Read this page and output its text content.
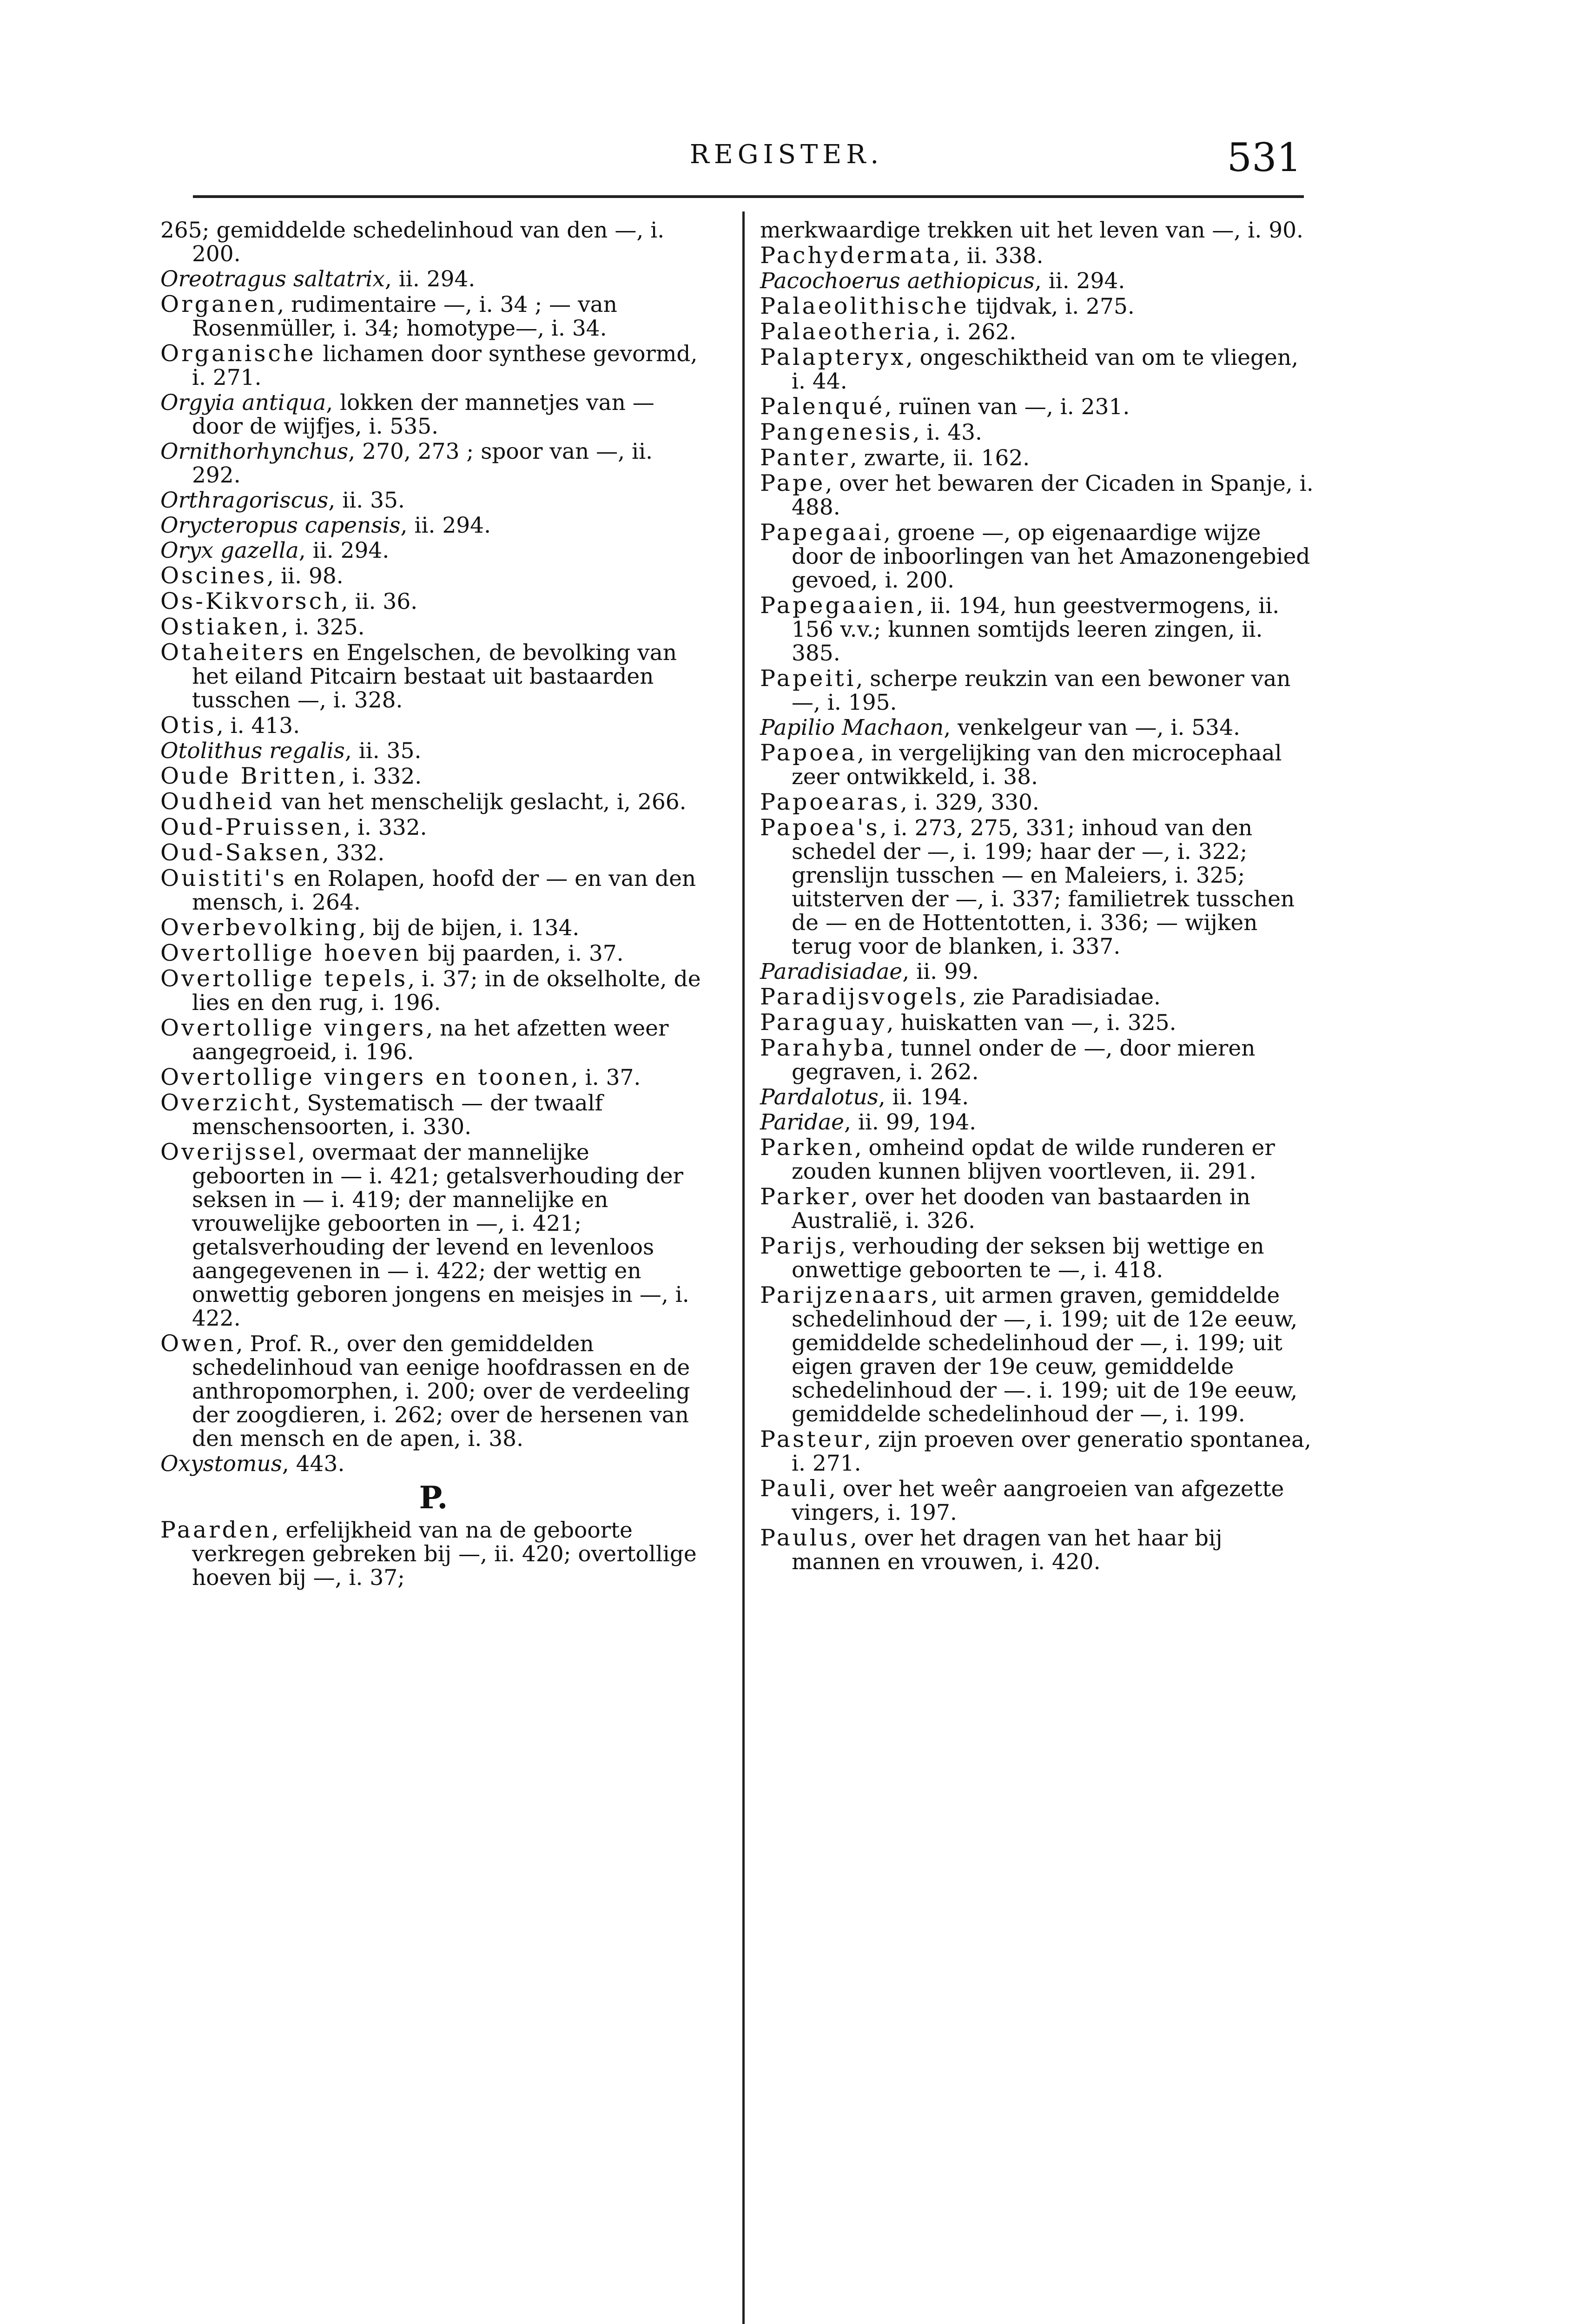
REGISTER.	531
265; gemiddelde schedelinhoud van den —, i. 200.
Oreotragus saltatrix, ii. 294.
Organen, rudimentaire —, i. 34 ; — van Rosenmüller, i. 34; homotype—, i. 34.
Organische lichamen door synthese gevormd, i. 271.
Orgyia antiqua, lokken der mannetjes van — door de wijfjes, i. 535.
Ornithorhynchus, 270, 273 ; spoor van —, ii. 292.
Orthragoriscus, ii. 35.
Orycteropus capensis, ii. 294.
Oryx gazella, ii. 294.
Oscines, ii. 98.
Os-Kikvorsch, ii. 36.
Ostiaken, i. 325.
Otaheiters en Engelschen, de bevolking van het eiland Pitcairn bestaat uit bastaarden tusschen —, i. 328.
Otis, i. 413.
Otolithus regalis, ii. 35.
Oude Britten, i. 332.
Oudheid van het menschelijk geslacht, i, 266.
Oud-Pruissen, i. 332.
Oud-Saksen, 332.
Ouistiti's en Rolapen, hoofd der — en van den mensch, i. 264.
Overbevolking, bij de bijen, i. 134.
Overtollige hoeven bij paarden, i. 37.
Overtollige tepels, i. 37; in de okselholte, de lies en den rug, i. 196.
Overtollige vingers, na het afzetten weer aangegroeid, i. 196.
Overtollige vingers en toonen, i. 37.
Overzicht, Systematisch — der twaalf menschensoorten, i. 330.
Overijssel, overmaat der mannelijke geboorten in — i. 421; getalsverhouding der seksen in — i. 419; der mannelijke en vrouwelijke geboorten in —, i. 421; getalsverhouding der levend en levenloos aangegevenen in — i. 422; der wettig en onwettig geboren jongens en meisjes in —, i. 422.
Owen, Prof. R., over den gemiddelden schedelinhoud van eenige hoofdrassen en de anthropomorphen, i. 200; over de verdeeling der zoogdieren, i. 262; over de hersenen van den mensch en de apen, i. 38.
Oxystomus, 443.
P.
Paarden, erfelijkheid van na de geboorte verkregen gebreken bij —, ii. 420; overtollige hoeven bij —, i. 37;
merkwaardige trekken uit het leven van —, i. 90.
Pachydermata, ii. 338.
Pacochoerus aethiopicus, ii. 294.
Palaeolithische tijdvak, i. 275.
Palaeotheria, i. 262.
Palapteryx, ongeschiktheid van om te vliegen, i. 44.
Palenqué, ruïnen van —, i. 231.
Pangenesis, i. 43.
Panter, zwarte, ii. 162.
Pape, over het bewaren der Cicaden in Spanje, i. 488.
Papegaai, groene —, op eigenaardige wijze door de inboorlingen van het Amazonengebied gevoed, i. 200.
Papegaaien, ii. 194, hun geestvermogens, ii. 156 v.v.; kunnen somtijds leeren zingen, ii. 385.
Papeiti, scherpe reukzin van een bewoner van —, i. 195.
Papilio Machaon, venkelgeur van —, i. 534.
Papoea, in vergelijking van den microcephaal zeer ontwikkeld, i. 38.
Papoearas, i. 329, 330.
Papoea's, i. 273, 275, 331; inhoud van den schedel der —, i. 199; haar der —, i. 322; grenslijn tusschen — en Maleiers, i. 325; uitsterven der —, i. 337; familietrek tusschen de — en de Hottentotten, i. 336; — wijken terug voor de blanken, i. 337.
Paradisiadae, ii. 99.
Paradijsvogels, zie Paradisiadae.
Paraguay, huiskatten van —, i. 325.
Parahyba, tunnel onder de —, door mieren gegraven, i. 262.
Pardalotus, ii. 194.
Paridae, ii. 99, 194.
Parken, omheind opdat de wilde runderen er zouden kunnen blijven voortleven, ii. 291.
Parker, over het dooden van bastaarden in Australië, i. 326.
Parijs, verhouding der seksen bij wettige en onwettige geboorten te —, i. 418.
Parijzenaars, uit armen graven, gemiddelde schedelinhoud der —, i. 199; uit de 12e eeuw, gemiddelde schedelinhoud der —, i. 199; uit eigen graven der 19e ceuw, gemiddelde schedelinhoud der —. i. 199; uit de 19e eeuw, gemiddelde schedelinhoud der —, i. 199.
Pasteur, zijn proeven over generatio spontanea, i. 271.
Pauli, over het weêr aangroeien van afgezette vingers, i. 197.
Paulus, over het dragen van het haar bij mannen en vrouwen, i. 420.
